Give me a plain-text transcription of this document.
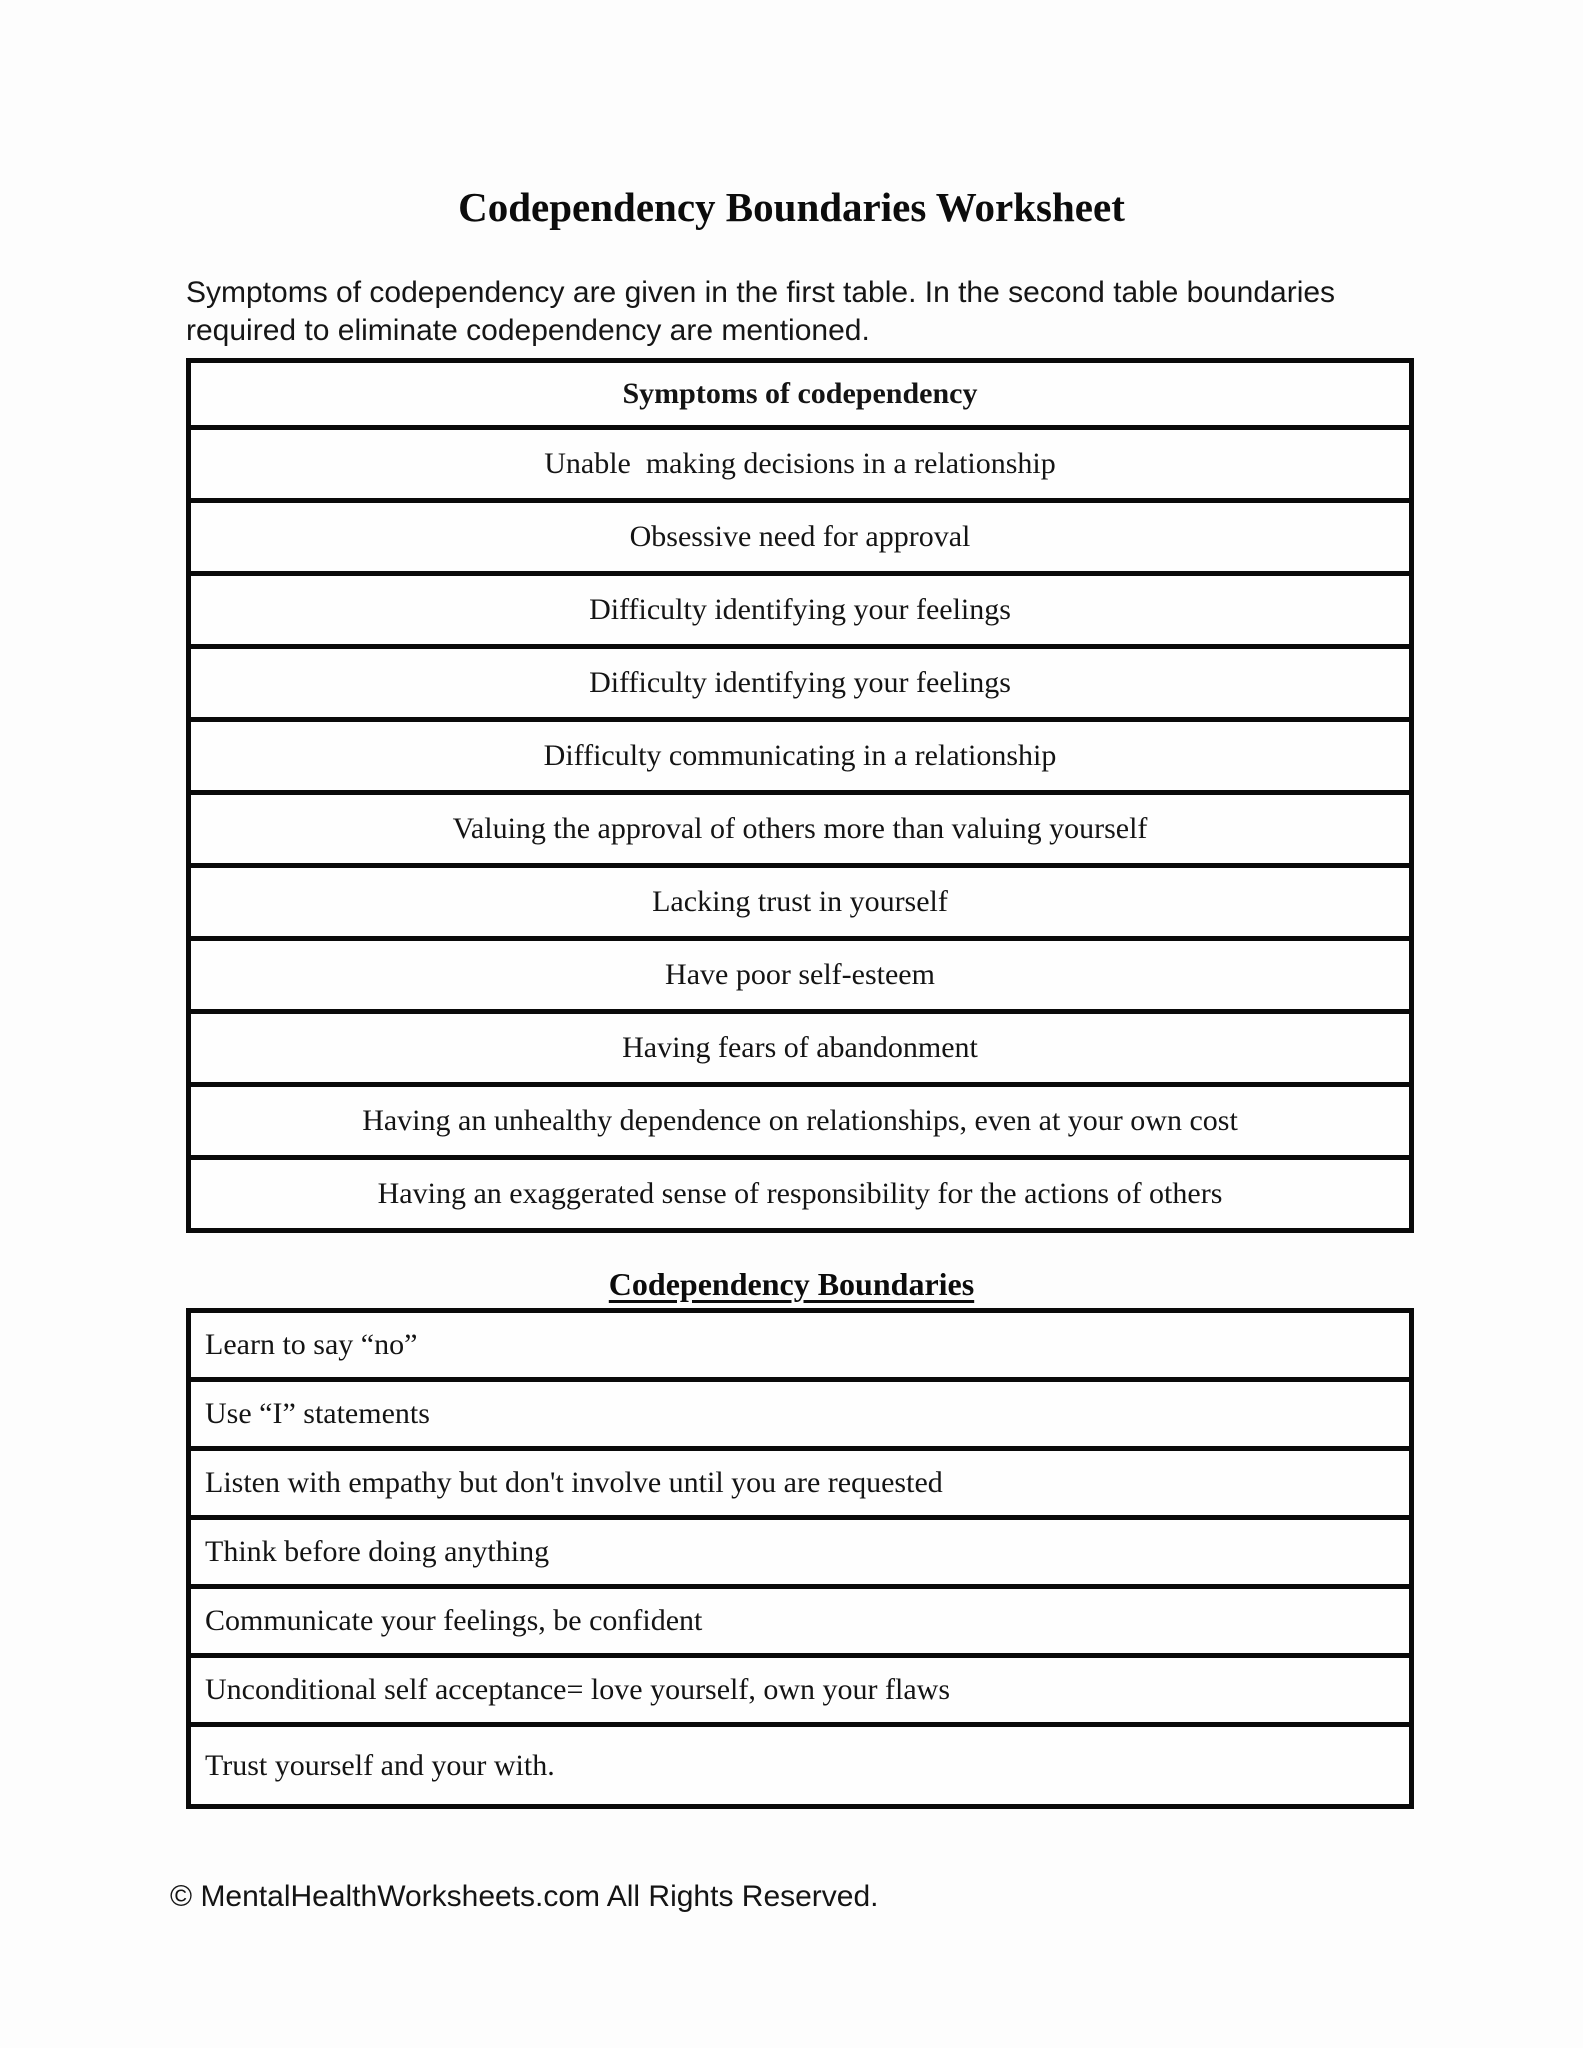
Codependency Boundaries Worksheet

Symptoms of codependency are given in the first table. In the second table boundaries required to eliminate codependency are mentioned.

Symptoms of codependency
Unable  making decisions in a relationship
Obsessive need for approval
Difficulty identifying your feelings
Difficulty identifying your feelings
Difficulty communicating in a relationship
Valuing the approval of others more than valuing yourself
Lacking trust in yourself
Have poor self-esteem
Having fears of abandonment
Having an unhealthy dependence on relationships, even at your own cost
Having an exaggerated sense of responsibility for the actions of others
Codependency Boundaries
Learn to say “no”
Use “I” statements
Listen with empathy but don't involve until you are requested
Think before doing anything
Communicate your feelings, be confident
Unconditional self acceptance= love yourself, own your flaws
Trust yourself and your with.
© MentalHealthWorksheets.com All Rights Reserved.
